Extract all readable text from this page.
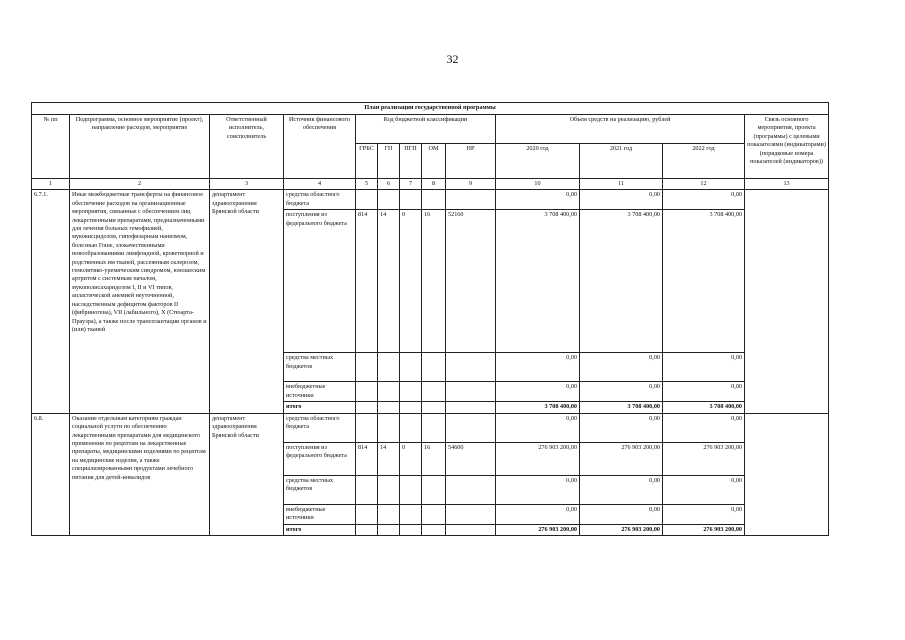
32
План реализации государственной программы												
№ пп	Подпрограмма, основное мероприятие (проект), направление расходов, мероприятие	Ответственный исполнитель, соисполнитель	Источник финансового обеспечения	Код бюджетной классификации					Объем средств на реализацию, рублей			Связь основного мероприятия, проекта (программы) с целевыми показателями (индикаторами) (порядковые номера показателей (индикаторов))
				ГРБС	ГП	ПГП	ОМ	НР	2020 год	2021 год	2022 год	
1	2	3	4	5	6	7	8	9	10	11	12	13
6.7.1.	Иные межбюджетные трансферты на финансовое обеспечение расходов на организационные мероприятия, связанные с обеспечением лиц лекарственными препаратами, предназначенными для лечения больных гемофилией, муковисцидозом, гипофизарным нанизмом, болезнью Гоше, злокачественными новообразованиями лимфоидной, кроветворной и родственных им тканей, рассеянным склерозом, гемолитико-уремическим синдромом, юношеским артритом с системным началом, мукополисахаридозом I, II и VI типов, апластической анемией неуточненной, наследственным дефицитом факторов II (фибриногена), VII (лабильного), X (Стюарта-Прауэра), а также после трансплантации органов и (или) тканей	департамент здравоохранения Брянской области	средства областного бюджета						0,00	0,00	0,00	
			поступления из федерального бюджета	814	14	0	16	52160	3 708 400,00	3 708 400,00	3 708 400,00	
			средства местных бюджетов						0,00	0,00	0,00	
			внебюджетные источники						0,00	0,00	0,00	
			итого						3 708 400,00	3 708 400,00	3 708 400,00	
6.8.	Оказание отдельным категориям граждан социальной услуги по обеспечению лекарственными препаратами для медицинского применения по рецептам на лекарственные препараты, медицинскими изделиями по рецептам на медицинские изделия, а также специализированными продуктами лечебного питания для детей-инвалидов	департамент здравоохранения Брянской области	средства областного бюджета						0,00	0,00	0,00	
			поступления из федерального бюджета	814	14	0	16	54600	276 903 200,00	276 903 200,00	276 903 200,00	
			средства местных бюджетов						0,00	0,00	0,00	
			внебюджетные источники						0,00	0,00	0,00	
			итого						276 903 200,00	276 903 200,00	276 903 200,00	
